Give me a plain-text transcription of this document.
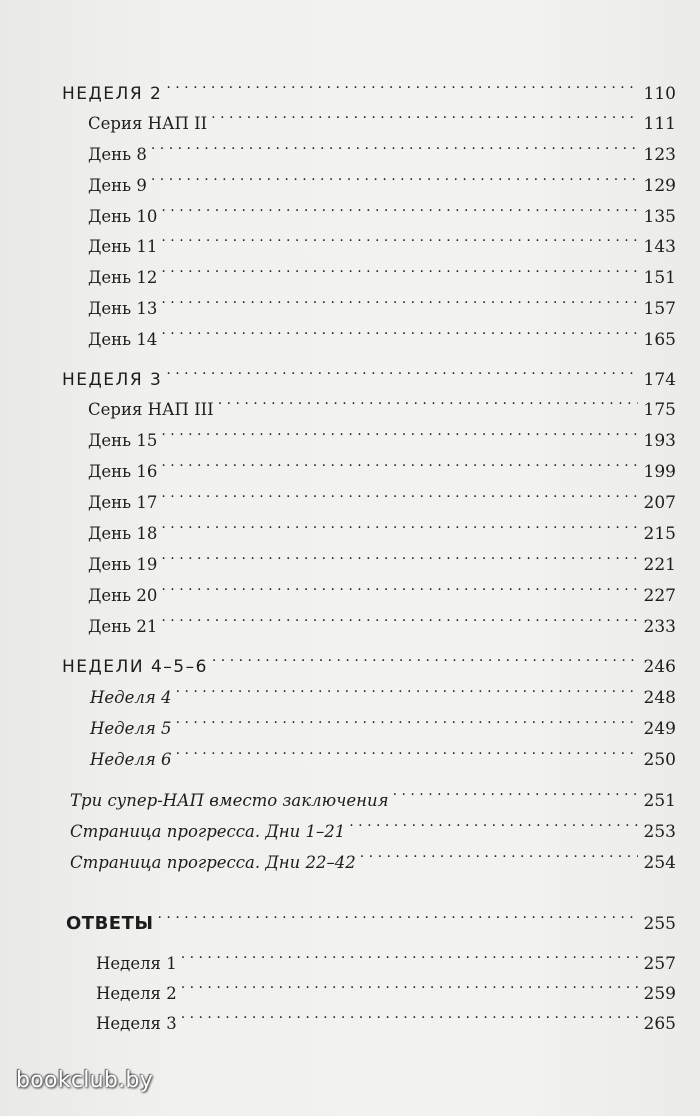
НЕДЕЛЯ 2 . . .	110
Серия НАП II . . .	111
День 8 . . .	123
День 9 . . .	129
День 10 . . .	135
День 11 . . .	143
День 12 . . .	151
День 13 . . .	157
День 14 . . .	165
НЕДЕЛЯ 3 . . .	174
Серия НАП III . . .	175
День 15 . . .	193
День 16 . . .	199
День 17 . . .	207
День 18 . . .	215
День 19 . . .	221
День 20 . . .	227
День 21 . . .	233
НЕДЕЛИ 4–5–6 . . .	246
Неделя 4 . . .	248
Неделя 5 . . .	249
Неделя 6 . . .	250
Три супер-НАП вместо заключения . . .	251
Страница прогресса. Дни 1–21 . . .	253
Страница прогресса. Дни 22–42 . . .	254
ОТВЕТЫ . . .	255
Неделя 1 . . .	257
Неделя 2 . . .	259
Неделя 3 . . .	265
bookclub.by
